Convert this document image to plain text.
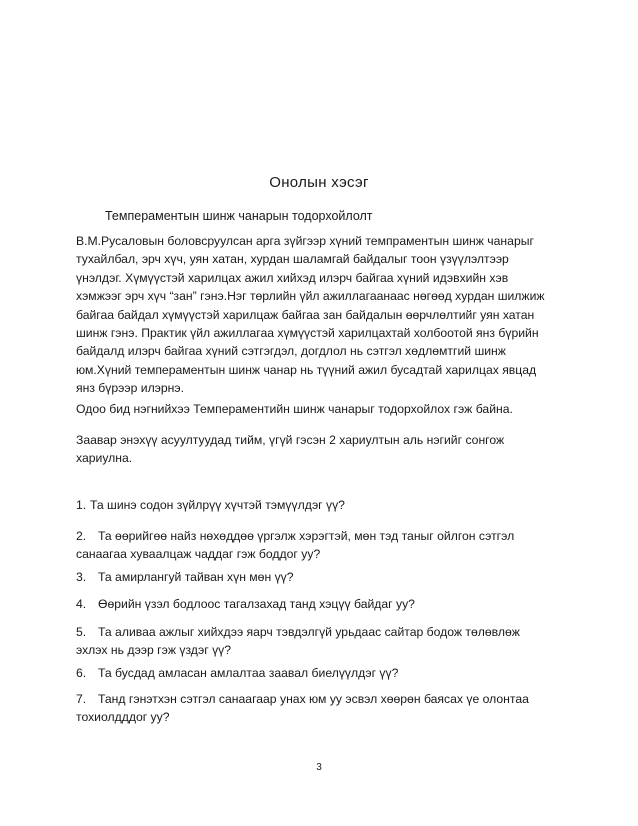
Онолын хэсэг
Темпераментын шинж чанарын тодорхойлолт
В.М.Русаловын боловсруулсан арга зүйгээр хүний темпраментын шинж чанарыг
тухайлбал, эрч хүч, уян хатан, хурдан шаламгай байдалыг тоон үзүүлэлтээр
үнэлдэг. Хүмүүстэй харилцах ажил хийхэд илэрч байгаа хүний идэвхийн хэв
хэмжээг эрч хүч “зан” гэнэ.Нэг төрлийн үйл ажиллагаанаас нөгөөд хурдан шилжиж
байгаа байдал хүмүүстэй харилцаж байгаа зан байдалын өөрчлөлтийг уян хатан
шинж гэнэ. Практик үйл ажиллагаа хүмүүстэй харилцахтай холбоотой янз бүрийн
байдалд илэрч байгаа хүний сэтгэгдэл, догдлол нь сэтгэл хөдлөмтгий шинж
юм.Хүний темпераментын шинж чанар нь түүний ажил бусадтай харилцах явцад
янз бүрээр илэрнэ.
Одоо бид нэгнийхээ Темпераментийн шинж чанарыг тодорхойлох гэж байна.
Заавар энэхүү асуултуудад тийм, үгүй гэсэн 2 хариултын аль нэгийг сонгож
хариулна.
1. Та шинэ содон зүйлрүү хүчтэй тэмүүлдэг үү?
2. Та өөрийгөө найз нөхөддөө үргэлж хэрэгтэй, мөн тэд таныг ойлгон сэтгэл
санаагаа хуваалцаж чаддаг гэж боддог уу?
3. Та амирлангуй тайван хүн мөн үү?
4. Өөрийн үзэл бодлоос тагалзахад танд хэцүү байдаг уу?
5. Та аливаа ажлыг хийхдээ яарч тэвдэлгүй урьдаас сайтар бодож төлөвлөж
эхлэх нь дээр гэж үздэг үү?
6. Та бусдад амласан амлалтаа заавал биелүүлдэг үү?
7. Танд гэнэтхэн сэтгэл санаагаар унах юм уу эсвэл хөөрөн баясах үе олонтаа
тохиолдддог уу?
3
